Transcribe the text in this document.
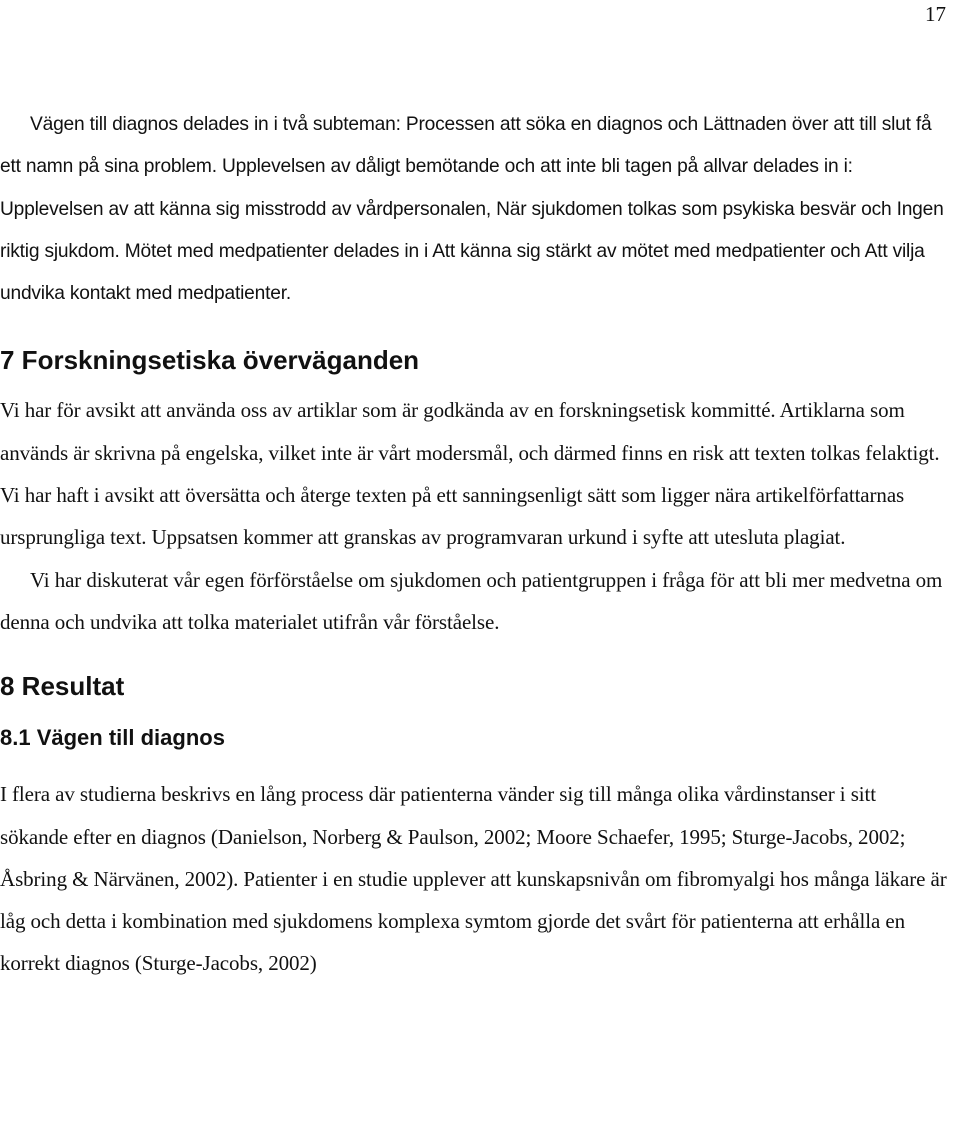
17

Vägen till diagnos delades in i två subteman: Processen att söka en diagnos och Lättnaden över att till slut få ett namn på sina problem. Upplevelsen av dåligt bemötande och att inte bli tagen på allvar delades in i: Upplevelsen av att känna sig misstrodd av vårdpersonalen, När sjukdomen tolkas som psykiska besvär och Ingen riktig sjukdom. Mötet med medpatienter delades in i Att känna sig stärkt av mötet med medpatienter och Att vilja undvika kontakt med medpatienter.

7 Forskningsetiska överväganden

Vi har för avsikt att använda oss av artiklar som är godkända av en forskningsetisk kommitté. Artiklarna som används är skrivna på engelska, vilket inte är vårt modersmål, och därmed finns en risk att texten tolkas felaktigt. Vi har haft i avsikt att översätta och återge texten på ett sanningsenligt sätt som ligger nära artikelförfattarnas ursprungliga text. Uppsatsen kommer att granskas av programvaran urkund i syfte att utesluta plagiat.

Vi har diskuterat vår egen förförståelse om sjukdomen och patientgruppen i fråga för att bli mer medvetna om denna och undvika att tolka materialet utifrån vår förståelse.

8 Resultat
8.1 Vägen till diagnos

I flera av studierna beskrivs en lång process där patienterna vänder sig till många olika vårdinstanser i sitt sökande efter en diagnos (Danielson, Norberg & Paulson, 2002; Moore Schaefer, 1995; Sturge-Jacobs, 2002; Åsbring & Närvänen, 2002). Patienter i en studie upplever att kunskapsnivån om fibromyalgi hos många läkare är låg och detta i kombination med sjukdomens komplexa symtom gjorde det svårt för patienterna att erhålla en korrekt diagnos (Sturge-Jacobs, 2002)
